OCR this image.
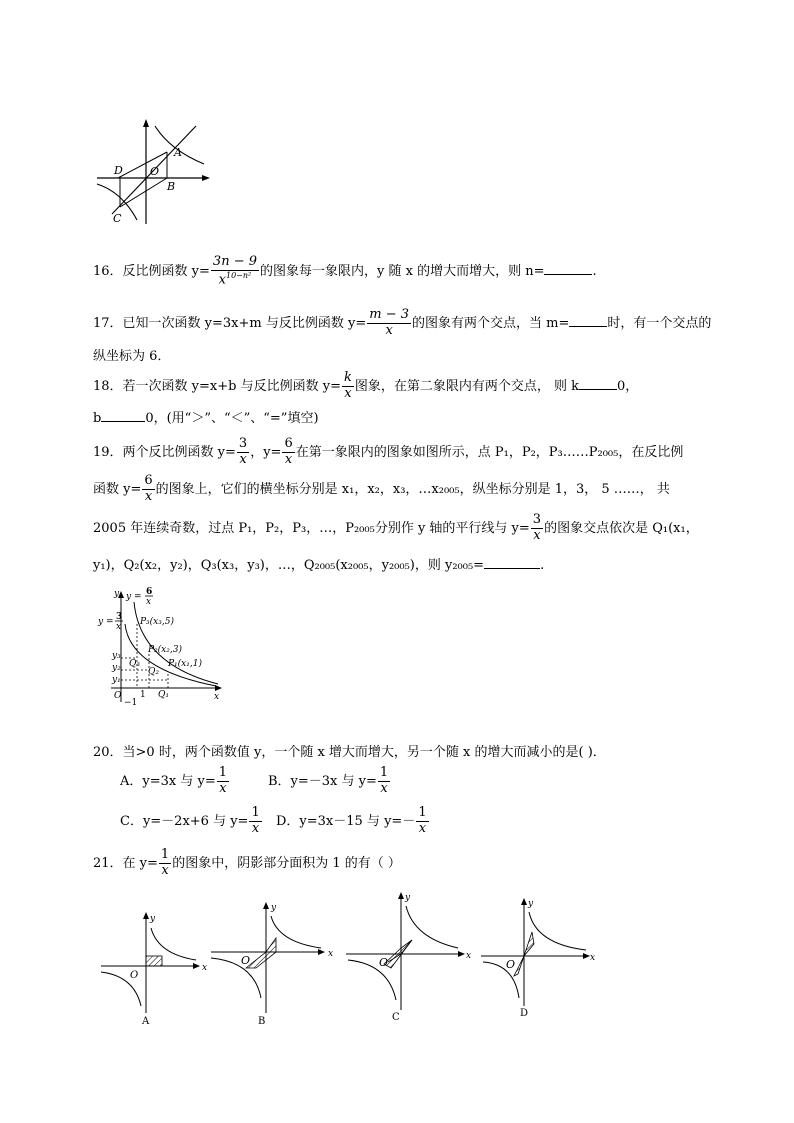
A
D O
B
C
16．反比例函数 $y= \frac{3n - 9}{x^{10-n^2}}$ 的图象每一象限内，y 随 x 的增大而增大，则 n=	.
17．已知一次函数 y=3x+m 与反比例函数 $y= \frac{m - 3}{x}$ 的图象有两个交点，当 m=	时，有一个交点的
纵坐标为 6．
18．若一次函数 y=x+b 与反比例函数 $y= \frac{k}{x}$ 图象，在第二象限内有两个交点， 则 k	0，
b	0，(用“＞”、“＜”、“=”填空)
19．两个反比例函数 $y= \frac{3}{x}$ ，$y= \frac{6}{x}$ 在第一象限内的图象如图所示，点 P₁，P₂，P₃……P₂₀₀₅，在反比例
函数 $y= \frac{6}{x}$ 的图象上，它们的横坐标分别是 x₁，x₂，x₃，…x₂₀₀₅，纵坐标分别是 1，3， 5 ……， 共
2005 年连续奇数，过点 P₁，P₂，P₃，…，P₂₀₀₅分别作 y 轴的平行线与 $y= \frac{3}{x}$ 的图象交点依次是 Q₁(x₁，
y₁)，Q₂(x₂，y₂)，Q₃(x₃，y₃)，…，Q₂₀₀₅(x₂₀₀₅，y₂₀₀₅)，则 y₂₀₀₅=	.
y y = 6
x
y = 3
x P₃(x₃,5)
y₃
y₂
y₁
Q₃
P₂(x₂,3)
Q₂
P₁(x₁,1)
O
−1
1 Q₁	x
20．当>0 时，两个函数值 y，一个随 x 增大而增大，另一个随 x 的增大而减小的是( )．
A．y=3x 与 $y= \frac{1}{x}$	B．y=－3x 与 $y= \frac{1}{x}$
C．y=－2x+6 与 $y= \frac{1}{x}$ D．y=3x－15 与 $y=- \frac{1}{x}$
21．在 $y= \frac{1}{x}$ 的图象中，阴影部分面积为 1 的有（ ）
y
x
O
A
y
x
O
B
y
x
O
C
y
x
O
D
